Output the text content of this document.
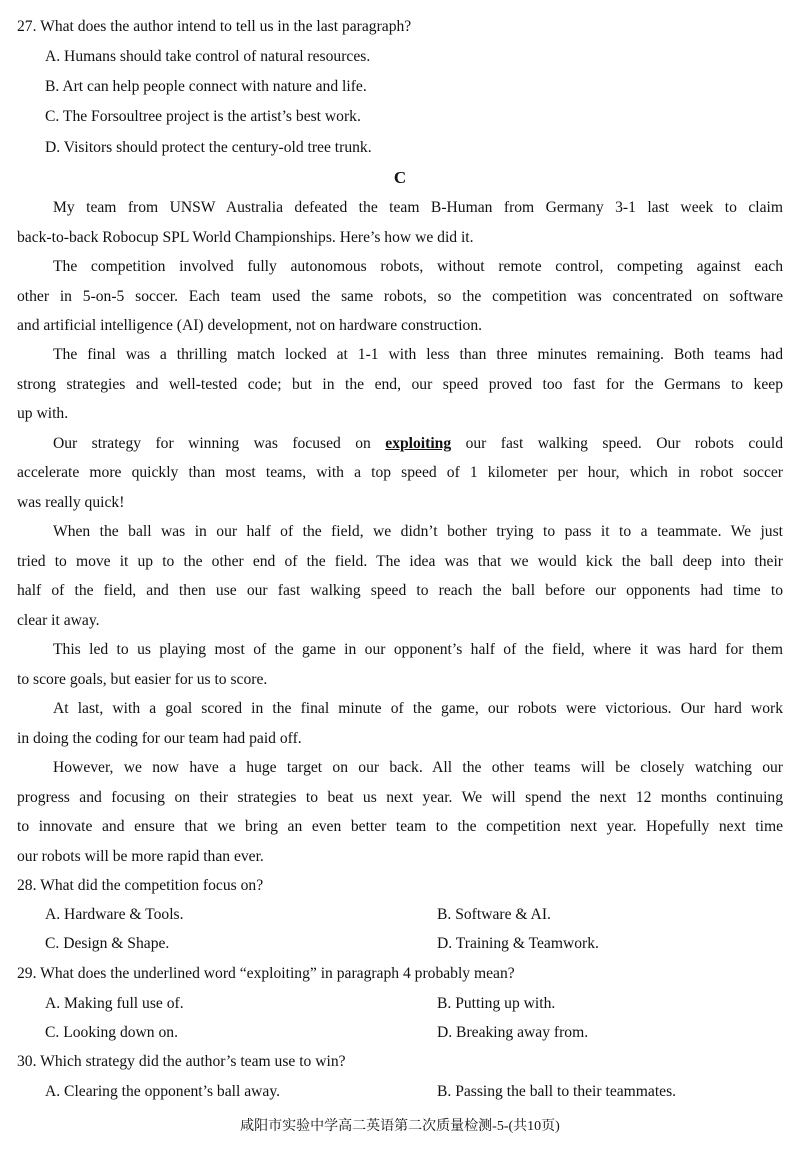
27. What does the author intend to tell us in the last paragraph?
A. Humans should take control of natural resources.
B. Art can help people connect with nature and life.
C. The Forsoultree project is the artist’s best work.
D. Visitors should protect the century-old tree trunk.
C
My team from UNSW Australia defeated the team B-Human from Germany 3-1 last week to claim
back-to-back Robocup SPL World Championships. Here’s how we did it.
The competition involved fully autonomous robots, without remote control, competing against each
other in 5-on-5 soccer. Each team used the same robots, so the competition was concentrated on software
and artificial intelligence (AI) development, not on hardware construction.
The final was a thrilling match locked at 1-1 with less than three minutes remaining. Both teams had
strong strategies and well-tested code; but in the end, our speed proved too fast for the Germans to keep
up with.
Our strategy for winning was focused on exploiting our fast walking speed. Our robots could
accelerate more quickly than most teams, with a top speed of 1 kilometer per hour, which in robot soccer
was really quick!
When the ball was in our half of the field, we didn’t bother trying to pass it to a teammate. We just
tried to move it up to the other end of the field. The idea was that we would kick the ball deep into their
half of the field, and then use our fast walking speed to reach the ball before our opponents had time to
clear it away.
This led to us playing most of the game in our opponent’s half of the field, where it was hard for them
to score goals, but easier for us to score.
At last, with a goal scored in the final minute of the game, our robots were victorious. Our hard work
in doing the coding for our team had paid off.
However, we now have a huge target on our back. All the other teams will be closely watching our
progress and focusing on their strategies to beat us next year. We will spend the next 12 months continuing
to innovate and ensure that we bring an even better team to the competition next year. Hopefully next time
our robots will be more rapid than ever.
28. What did the competition focus on?
A. Hardware & Tools.	B. Software & AI.
C. Design & Shape.	D. Training & Teamwork.
29. What does the underlined word “exploiting” in paragraph 4 probably mean?
A. Making full use of.	B. Putting up with.
C. Looking down on.	D. Breaking away from.
30. Which strategy did the author’s team use to win?
A. Clearing the opponent’s ball away.	B. Passing the ball to their teammates.
咸阳市实验中学高二英语第二次质量检测-5-(共10页)
